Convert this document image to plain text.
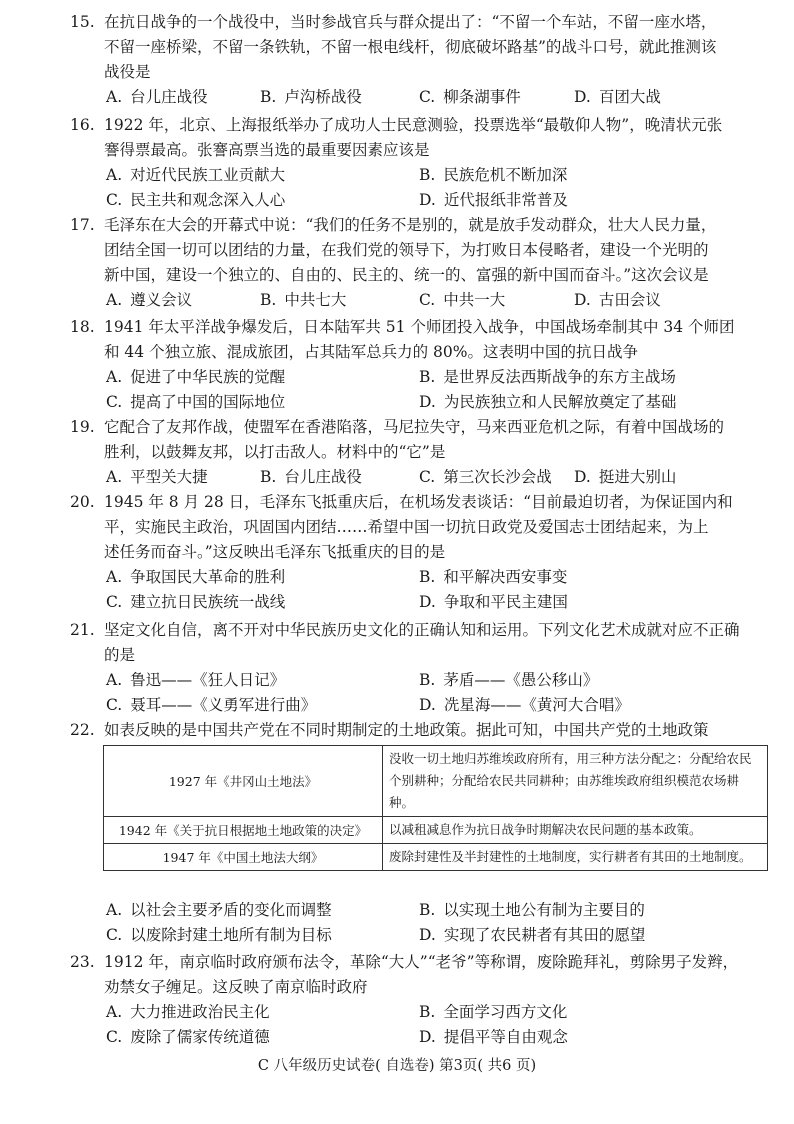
15. 在抗日战争的一个战役中，当时参战官兵与群众提出了：“不留一个车站，不留一座水塔，
不留一座桥梁，不留一条铁轨，不留一根电线杆，彻底破坏路基”的战斗口号，就此推测该
战役是
A. 台儿庄战役	B. 卢沟桥战役	C. 柳条湖事件	D. 百团大战
16. 1922 年，北京、上海报纸举办了成功人士民意测验，投票选举“最敬仰人物”，晚清状元张
謇得票最高。张謇高票当选的最重要因素应该是
A. 对近代民族工业贡献大	B. 民族危机不断加深
C. 民主共和观念深入人心	D. 近代报纸非常普及
17. 毛泽东在大会的开幕式中说：“我们的任务不是别的，就是放手发动群众，壮大人民力量，
团结全国一切可以团结的力量，在我们党的领导下，为打败日本侵略者，建设一个光明的
新中国，建设一个独立的、自由的、民主的、统一的、富强的新中国而奋斗。”这次会议是
A. 遵义会议	B. 中共七大	C. 中共一大	D. 古田会议
18. 1941 年太平洋战争爆发后，日本陆军共 51 个师团投入战争，中国战场牵制其中 34 个师团
和 44 个独立旅、混成旅团，占其陆军总兵力的 80%。这表明中国的抗日战争
A. 促进了中华民族的觉醒	B. 是世界反法西斯战争的东方主战场
C. 提高了中国的国际地位	D. 为民族独立和人民解放奠定了基础
19. 它配合了友邦作战，使盟军在香港陷落，马尼拉失守，马来西亚危机之际，有着中国战场的
胜利，以鼓舞友邦，以打击敌人。材料中的“它”是
A. 平型关大捷	B. 台儿庄战役	C. 第三次长沙会战 D. 挺进大别山
20. 1945 年 8 月 28 日，毛泽东飞抵重庆后，在机场发表谈话：“目前最迫切者，为保证国内和
平，实施民主政治，巩固国内团结……希望中国一切抗日政党及爱国志士团结起来，为上
述任务而奋斗。”这反映出毛泽东飞抵重庆的目的是
A. 争取国民大革命的胜利	B. 和平解决西安事变
C. 建立抗日民族统一战线	D. 争取和平民主建国
21. 坚定文化自信，离不开对中华民族历史文化的正确认知和运用。下列文化艺术成就对应不正确
的是
A. 鲁迅——《狂人日记》	B. 茅盾——《愚公移山》
C. 聂耳——《义勇军进行曲》	D. 冼星海——《黄河大合唱》
22. 如表反映的是中国共产党在不同时期制定的土地政策。据此可知，中国共产党的土地政策
1927 年《井冈山土地法》	没收一切土地归苏维埃政府所有，用三种方法分配之：分配给农民个别耕种；分配给农民共同耕种；由苏维埃政府组织模范农场耕种。
1942 年《关于抗日根据地土地政策的决定》	以减租减息作为抗日战争时期解决农民问题的基本政策。
1947 年《中国土地法大纲》	废除封建性及半封建性的土地制度，实行耕者有其田的土地制度。
A. 以社会主要矛盾的变化而调整	B. 以实现土地公有制为主要目的
C. 以废除封建土地所有制为目标	D. 实现了农民耕者有其田的愿望
23. 1912 年，南京临时政府颁布法令，革除“大人”“老爷”等称谓，废除跪拜礼，剪除男子发辫，
劝禁女子缠足。这反映了南京临时政府
A. 大力推进政治民主化	B. 全面学习西方文化
C. 废除了儒家传统道德	D. 提倡平等自由观念
C 八年级历史试卷( 自选卷) 第3页( 共6 页)
